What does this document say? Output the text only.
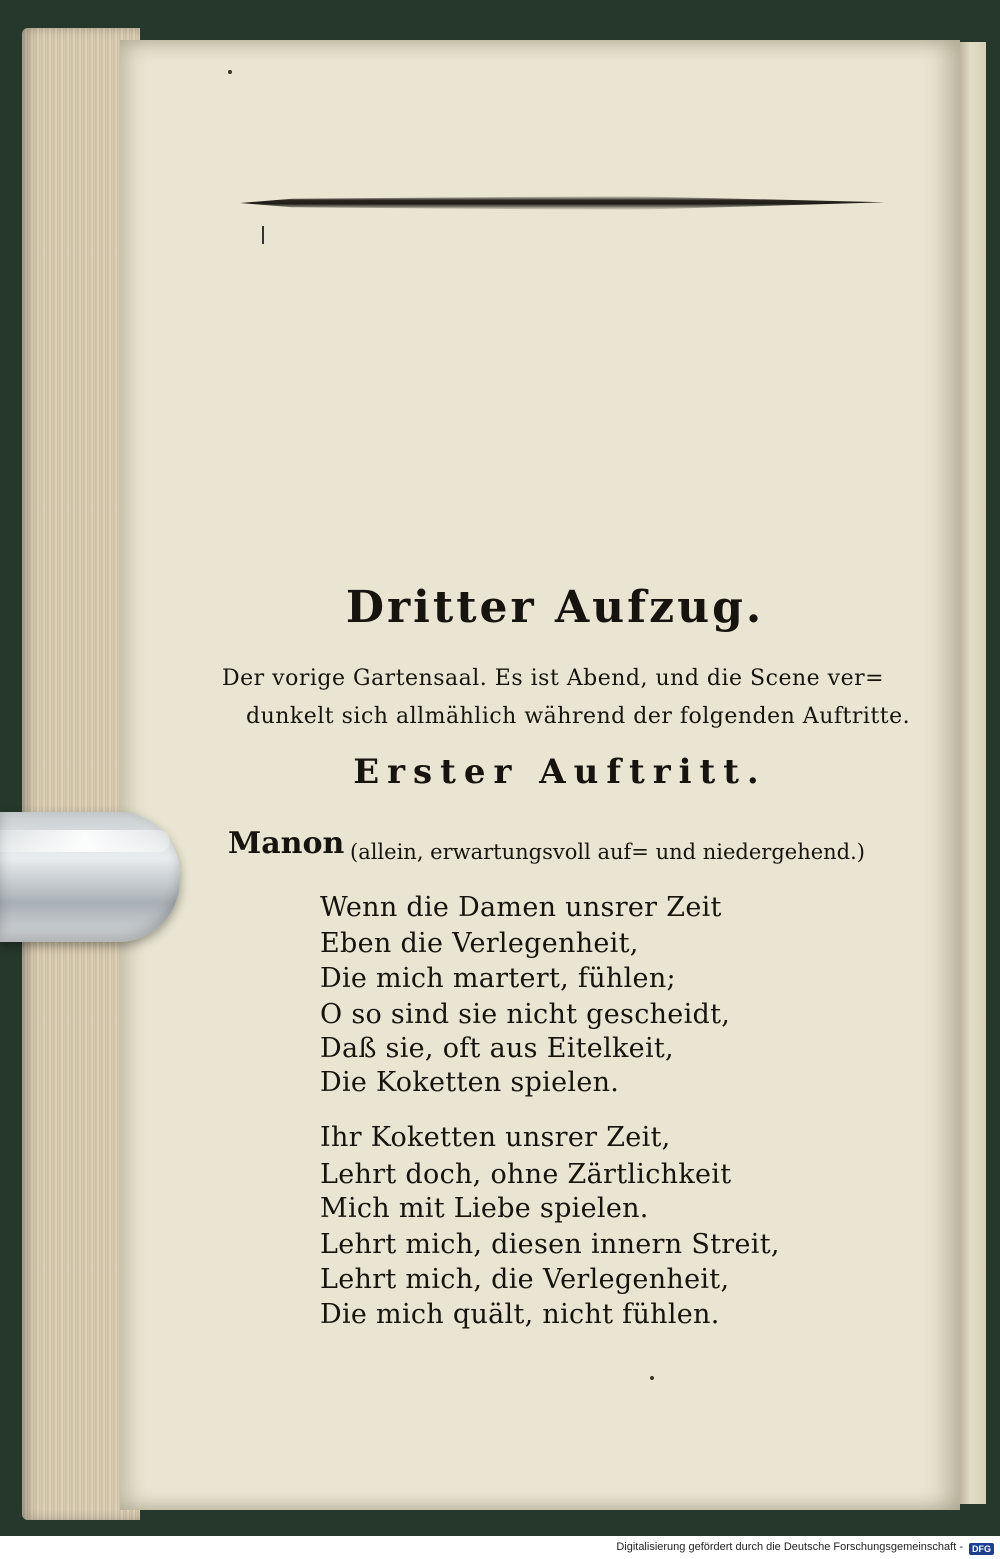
Dritter Aufzug.
Der vorige Gartensaal. Es ist Abend, und die Scene ver=
dunkelt sich allmählich während der folgenden Auftritte.
Erster Auftritt.
Manon (allein, erwartungsvoll auf= und niedergehend.)
Wenn die Damen unsrer Zeit
Eben die Verlegenheit,
Die mich martert, fühlen;
O so sind sie nicht gescheidt,
Daß sie, oft aus Eitelkeit,
Die Koketten spielen.
Ihr Koketten unsrer Zeit,
Lehrt doch, ohne Zärtlichkeit
Mich mit Liebe spielen.
Lehrt mich, diesen innern Streit,
Lehrt mich, die Verlegenheit,
Die mich quält, nicht fühlen.
Digitalisierung gefördert durch die Deutsche Forschungsgemeinschaft - DFG
